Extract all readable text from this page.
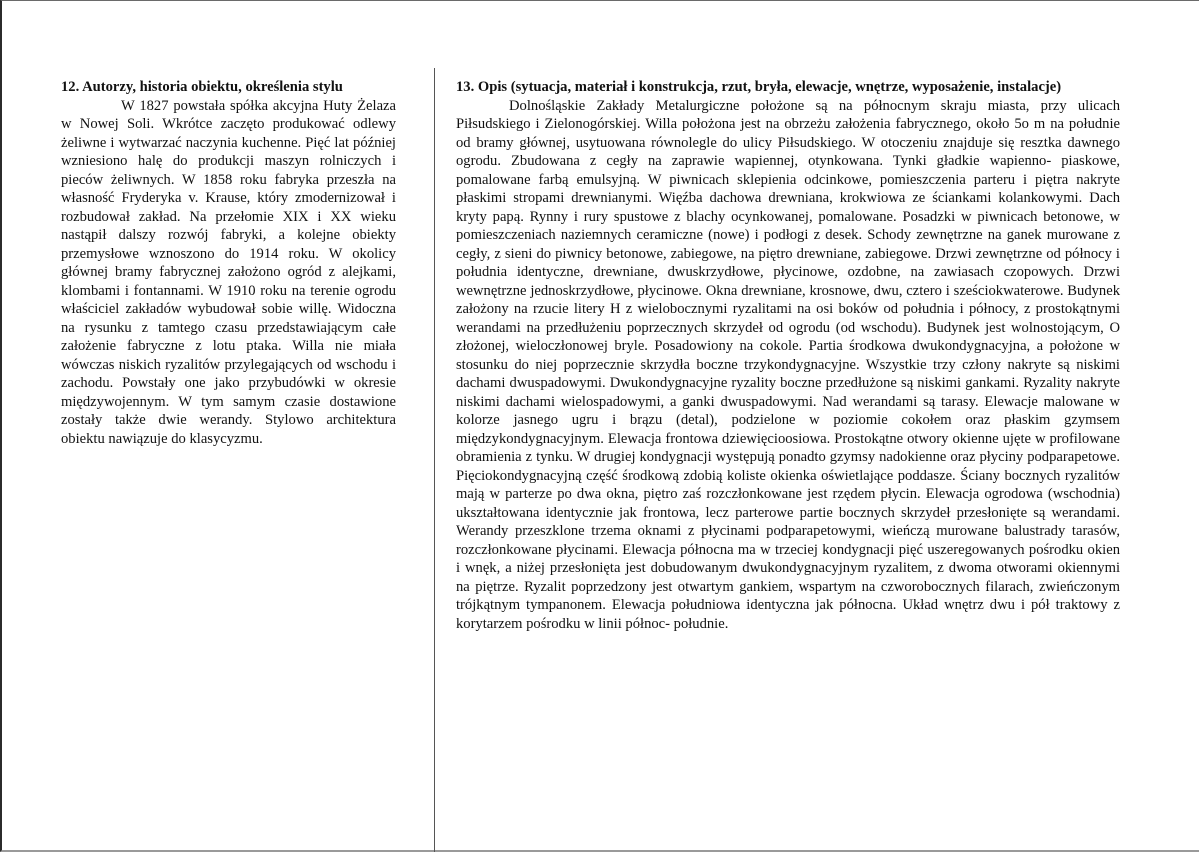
12. Autorzy, historia obiektu, określenia stylu

W 1827 powstała spółka akcyjna Huty Żelaza w Nowej Soli. Wkrótce zaczęto produkować odlewy żeliwne i wytwarzać naczynia kuchenne. Pięć lat później wzniesiono halę do produkcji maszyn rolniczych i pieców żeliwnych. W 1858 roku fabryka przeszła na własność Fryderyka v. Krause, który zmodernizował i rozbudował zakład. Na przełomie XIX i XX wieku nastąpił dalszy rozwój fabryki, a kolejne obiekty przemysłowe wznoszono do 1914 roku. W okolicy głównej bramy fabrycznej założono ogród z alejkami, klombami i fontannami. W 1910 roku na terenie ogrodu właściciel zakładów wybudował sobie willę. Widoczna na rysunku z tamtego czasu przedstawiającym całe założenie fabryczne z lotu ptaka. Willa nie miała wówczas niskich ryzalitów przylegających od wschodu i zachodu. Powstały one jako przybudówki w okresie międzywojennym. W tym samym czasie dostawione zostały także dwie werandy. Stylowo architektura obiektu nawiązuje do klasycyzmu.

13. Opis (sytuacja, materiał i konstrukcja, rzut, bryła, elewacje, wnętrze, wyposażenie, instalacje)

Dolnośląskie Zakłady Metalurgiczne położone są na północnym skraju miasta, przy ulicach Piłsudskiego i Zielonogórskiej. Willa położona jest na obrzeżu założenia fabrycznego, około 5o m na południe od bramy głównej, usytuowana równolegle do ulicy Piłsudskiego. W otoczeniu znajduje się resztka dawnego ogrodu. Zbudowana z cegły na zaprawie wapiennej, otynkowana. Tynki gładkie wapienno- piaskowe, pomalowane farbą emulsyjną. W piwnicach sklepienia odcinkowe, pomieszczenia parteru i piętra nakryte płaskimi stropami drewnianymi. Więźba dachowa drewniana, krokwiowa ze ściankami kolankowymi. Dach kryty papą. Rynny i rury spustowe z blachy ocynkowanej, pomalowane. Posadzki w piwnicach betonowe, w pomieszczeniach naziemnych ceramiczne (nowe) i podłogi z desek. Schody zewnętrzne na ganek murowane z cegły, z sieni do piwnicy betonowe, zabiegowe, na piętro drewniane, zabiegowe. Drzwi zewnętrzne od północy i południa identyczne, drewniane, dwuskrzydłowe, płycinowe, ozdobne, na zawiasach czopowych. Drzwi wewnętrzne jednoskrzydłowe, płycinowe. Okna drewniane, krosnowe, dwu, cztero i sześciokwaterowe. Budynek założony na rzucie litery H z wielobocznymi ryzalitami na osi boków od południa i północy, z prostokątnymi werandami na przedłużeniu poprzecznych skrzydeł od ogrodu (od wschodu). Budynek jest wolnostojącym, O złożonej, wieloczłonowej bryle. Posadowiony na cokole. Partia środkowa dwukondygnacyjna, a położone w stosunku do niej poprzecznie skrzydła boczne trzykondygnacyjne. Wszystkie trzy człony nakryte są niskimi dachami dwuspadowymi. Dwukondygnacyjne ryzality boczne przedłużone są niskimi gankami. Ryzality nakryte niskimi dachami wielospadowymi, a ganki dwuspadowymi. Nad werandami są tarasy. Elewacje malowane w kolorze jasnego ugru i brązu (detal), podzielone w poziomie cokołem oraz płaskim gzymsem międzykondygnacyjnym. Elewacja frontowa dziewięcioosiowa. Prostokątne otwory okienne ujęte w profilowane obramienia z tynku. W drugiej kondygnacji występują ponadto gzymsy nadokienne oraz płyciny podparapetowe. Pięciokondygnacyjną część środkową zdobią koliste okienka oświetlające poddasze. Ściany bocznych ryzalitów mają w parterze po dwa okna, piętro zaś rozczłonkowane jest rzędem płycin. Elewacja ogrodowa (wschodnia) ukształtowana identycznie jak frontowa, lecz parterowe partie bocznych skrzydeł przesłonięte są werandami. Werandy przeszklone trzema oknami z płycinami podparapetowymi, wieńczą murowane balustrady tarasów, rozczłonkowane płycinami. Elewacja północna ma w trzeciej kondygnacji pięć uszeregowanych pośrodku okien i wnęk, a niżej przesłonięta jest dobudowanym dwukondygnacyjnym ryzalitem, z dwoma otworami okiennymi na piętrze. Ryzalit poprzedzony jest otwartym gankiem, wspartym na czworobocznych filarach, zwieńczonym trójkątnym tympanonem. Elewacja południowa identyczna jak północna. Układ wnętrz dwu i pół traktowy z korytarzem pośrodku w linii północ- południe.
